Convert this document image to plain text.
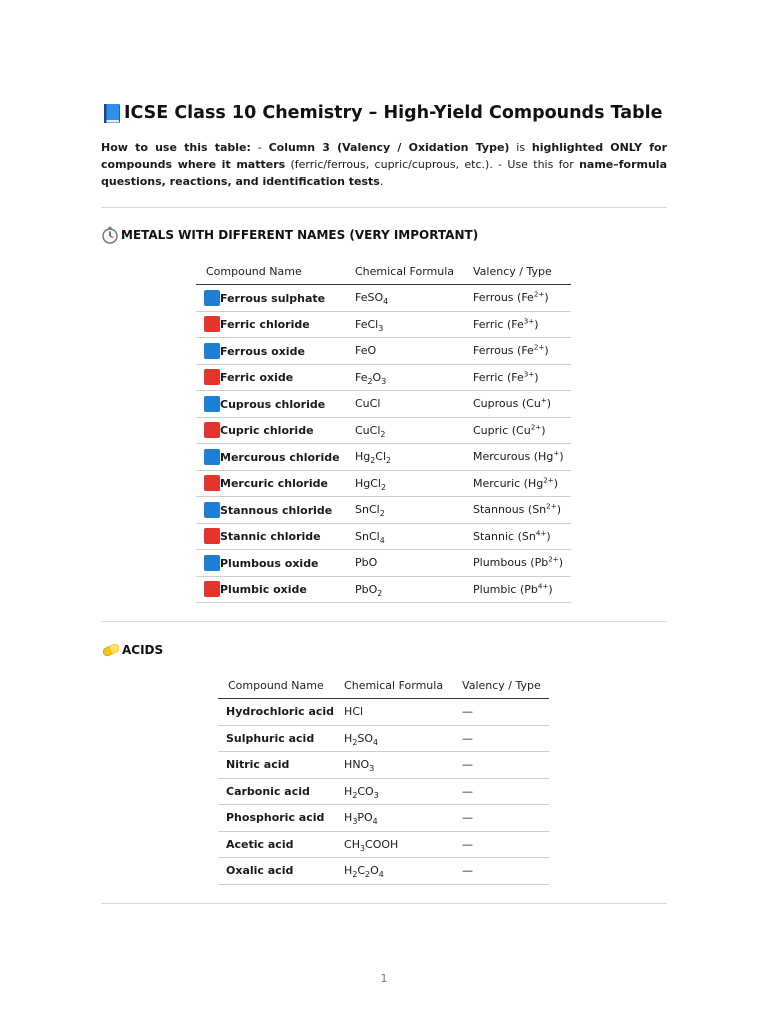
ICSE Class 10 Chemistry – High-Yield Compounds Table

How to use this table: - Column 3 (Valency / Oxidation Type) is highlighted ONLY for compounds where it matters (ferric/ferrous, cupric/cuprous, etc.). - Use this for name–formula questions, reactions, and identification tests.

METALS WITH DIFFERENT NAMES (VERY IMPORTANT)
Compound Name	Chemical Formula	Valency / Type
Ferrous sulphate	FeSO$_4$	Ferrous $(Fe^{2+})$
Ferric chloride	FeCl$_3$	Ferric $(Fe^{3+})$
Ferrous oxide	FeO	Ferrous $(Fe^{2+})$
Ferric oxide	$Fe_2O_3$	Ferric $(Fe^{3+})$
Cuprous chloride	CuCl	Cuprous (Cu+)
Cupric chloride	CuCl$_2$	Cupric $(Cu^{2+})$
Mercurous chloride	$Hg_2Cl_2$	Mercurous (Hg+)
Mercuric chloride	HgCl$_2$	Mercuric $(Hg^{2+})$
Stannous chloride	SnCl$_2$	Stannous $(Sn^{2+})$
Stannic chloride	SnCl$_4$	Stannic $(Sn^{4+})$
Plumbous oxide	PbO	Plumbous $(Pb^{2+})$
Plumbic oxide	PbO$_2$	Plumbic $(Pb^{4+})$
ACIDS
Compound Name	Chemical Formula	Valency / Type
Hydrochloric acid	HCl	—
Sulphuric acid	$H_2SO_4$	—
Nitric acid	$HNO_3$	—
Carbonic acid	$H_2CO_3$	—
Phosphoric acid	$H_3PO_4$	—
Acetic acid	$CH_3COOH$	—
Oxalic acid	$H_2C_2O_4$	—
1
